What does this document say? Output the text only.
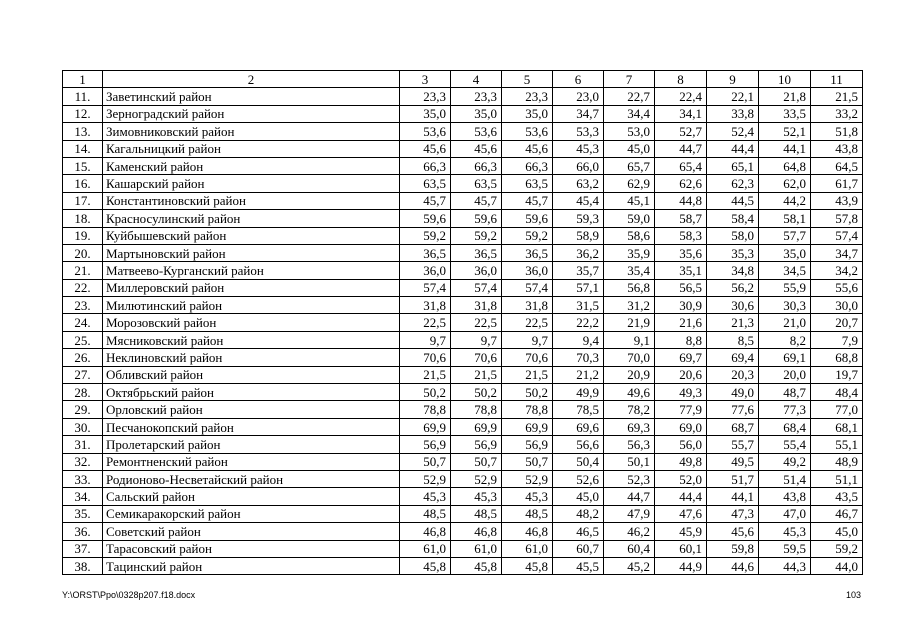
1	2	3	4	5	6	7	8	9	10	11
11.	Заветинский район	23,3	23,3	23,3	23,0	22,7	22,4	22,1	21,8	21,5
12.	Зерноградский район	35,0	35,0	35,0	34,7	34,4	34,1	33,8	33,5	33,2
13.	Зимовниковский район	53,6	53,6	53,6	53,3	53,0	52,7	52,4	52,1	51,8
14.	Кагальницкий район	45,6	45,6	45,6	45,3	45,0	44,7	44,4	44,1	43,8
15.	Каменский район	66,3	66,3	66,3	66,0	65,7	65,4	65,1	64,8	64,5
16.	Кашарский район	63,5	63,5	63,5	63,2	62,9	62,6	62,3	62,0	61,7
17.	Константиновский район	45,7	45,7	45,7	45,4	45,1	44,8	44,5	44,2	43,9
18.	Красносулинский район	59,6	59,6	59,6	59,3	59,0	58,7	58,4	58,1	57,8
19.	Куйбышевский район	59,2	59,2	59,2	58,9	58,6	58,3	58,0	57,7	57,4
20.	Мартыновский район	36,5	36,5	36,5	36,2	35,9	35,6	35,3	35,0	34,7
21.	Матвеево-Курганский район	36,0	36,0	36,0	35,7	35,4	35,1	34,8	34,5	34,2
22.	Миллеровский район	57,4	57,4	57,4	57,1	56,8	56,5	56,2	55,9	55,6
23.	Милютинский район	31,8	31,8	31,8	31,5	31,2	30,9	30,6	30,3	30,0
24.	Морозовский район	22,5	22,5	22,5	22,2	21,9	21,6	21,3	21,0	20,7
25.	Мясниковский район	9,7	9,7	9,7	9,4	9,1	8,8	8,5	8,2	7,9
26.	Неклиновский район	70,6	70,6	70,6	70,3	70,0	69,7	69,4	69,1	68,8
27.	Обливский район	21,5	21,5	21,5	21,2	20,9	20,6	20,3	20,0	19,7
28.	Октябрьский район	50,2	50,2	50,2	49,9	49,6	49,3	49,0	48,7	48,4
29.	Орловский район	78,8	78,8	78,8	78,5	78,2	77,9	77,6	77,3	77,0
30.	Песчанокопский район	69,9	69,9	69,9	69,6	69,3	69,0	68,7	68,4	68,1
31.	Пролетарский район	56,9	56,9	56,9	56,6	56,3	56,0	55,7	55,4	55,1
32.	Ремонтненский район	50,7	50,7	50,7	50,4	50,1	49,8	49,5	49,2	48,9
33.	Родионово-Несветайский район	52,9	52,9	52,9	52,6	52,3	52,0	51,7	51,4	51,1
34.	Сальский район	45,3	45,3	45,3	45,0	44,7	44,4	44,1	43,8	43,5
35.	Семикаракорский район	48,5	48,5	48,5	48,2	47,9	47,6	47,3	47,0	46,7
36.	Советский район	46,8	46,8	46,8	46,5	46,2	45,9	45,6	45,3	45,0
37.	Тарасовский район	61,0	61,0	61,0	60,7	60,4	60,1	59,8	59,5	59,2
38.	Тацинский район	45,8	45,8	45,8	45,5	45,2	44,9	44,6	44,3	44,0
Y:\ORST\Ppo\0328p207.f18.docx	103
